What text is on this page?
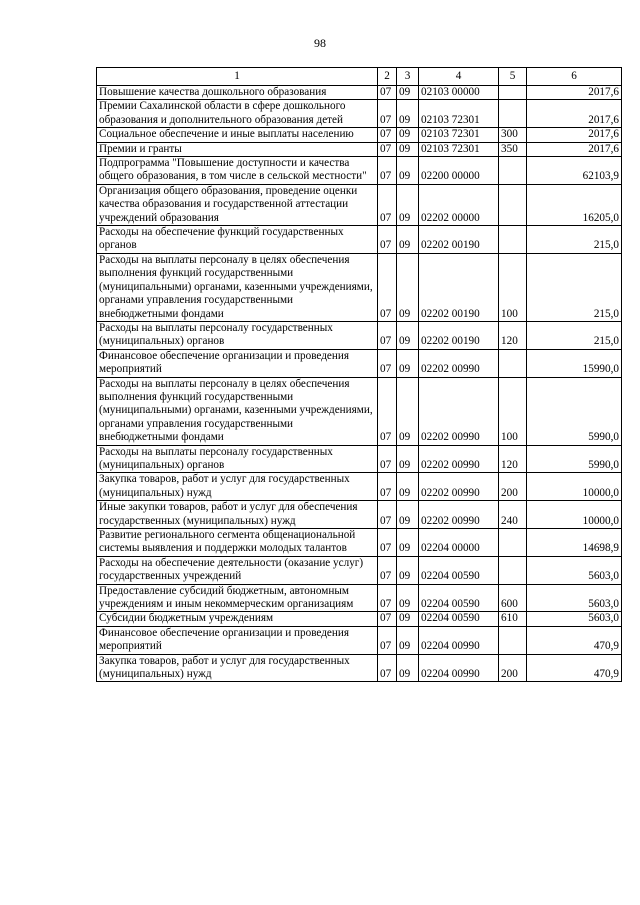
98
1	2	3	4	5	6
Повышение качества дошкольного образования	07	09	02103 00000		2017,6
Премии Сахалинской области в сфере дошкольного образования и дополнительного образования детей	07	09	02103 72301		2017,6
Социальное обеспечение и иные выплаты населению	07	09	02103 72301	300	2017,6
Премии и гранты	07	09	02103 72301	350	2017,6
Подпрограмма "Повышение доступности и качества общего образования, в том числе в сельской местности"	07	09	02200 00000		62103,9
Организация общего образования, проведение оценки качества образования и государственной аттестации учреждений образования	07	09	02202 00000		16205,0
Расходы на обеспечение функций государственных органов	07	09	02202 00190		215,0
Расходы на выплаты персоналу в целях обеспечения выполнения функций государственными (муниципальными) органами, казенными учреждениями, органами управления государственными внебюджетными фондами	07	09	02202 00190	100	215,0
Расходы на выплаты персоналу государственных (муниципальных) органов	07	09	02202 00190	120	215,0
Финансовое обеспечение организации и проведения мероприятий	07	09	02202 00990		15990,0
Расходы на выплаты персоналу в целях обеспечения выполнения функций государственными (муниципальными) органами, казенными учреждениями, органами управления государственными внебюджетными фондами	07	09	02202 00990	100	5990,0
Расходы на выплаты персоналу государственных (муниципальных) органов	07	09	02202 00990	120	5990,0
Закупка товаров, работ и услуг для государственных (муниципальных) нужд	07	09	02202 00990	200	10000,0
Иные закупки товаров, работ и услуг для обеспечения государственных (муниципальных) нужд	07	09	02202 00990	240	10000,0
Развитие регионального сегмента общенациональной системы выявления и поддержки молодых талантов	07	09	02204 00000		14698,9
Расходы на обеспечение деятельности (оказание услуг) государственных учреждений	07	09	02204 00590		5603,0
Предоставление субсидий бюджетным, автономным учреждениям и иным некоммерческим организациям	07	09	02204 00590	600	5603,0
Субсидии бюджетным учреждениям	07	09	02204 00590	610	5603,0
Финансовое обеспечение организации и проведения мероприятий	07	09	02204 00990		470,9
Закупка товаров, работ и услуг для государственных (муниципальных) нужд	07	09	02204 00990	200	470,9
